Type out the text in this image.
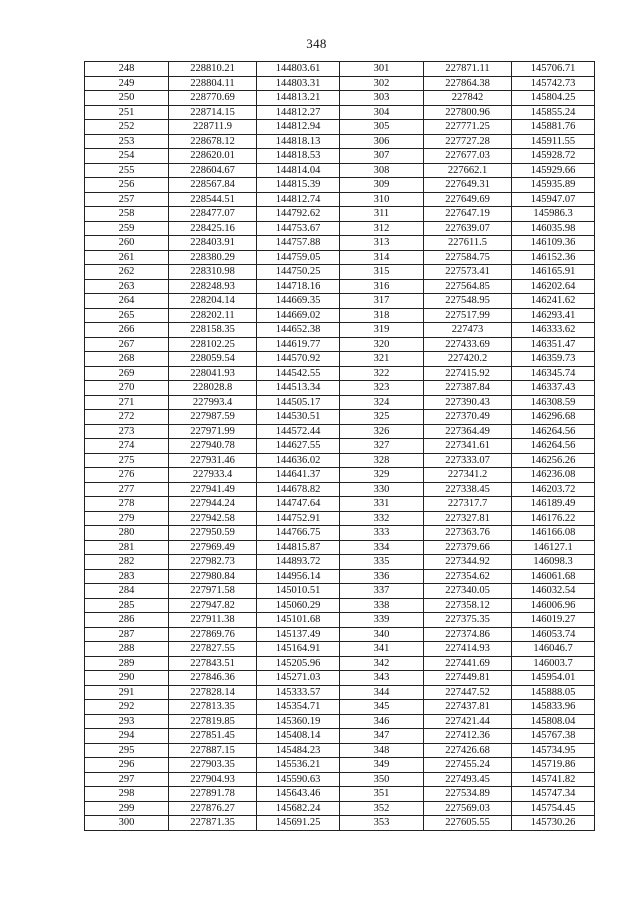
348
248	228810.21	144803.61	301	227871.11	145706.71
249	228804.11	144803.31	302	227864.38	145742.73
250	228770.69	144813.21	303	227842	145804.25
251	228714.15	144812.27	304	227800.96	145855.24
252	228711.9	144812.94	305	227771.25	145881.76
253	228678.12	144818.13	306	227727.28	145911.55
254	228620.01	144818.53	307	227677.03	145928.72
255	228604.67	144814.04	308	227662.1	145929.66
256	228567.84	144815.39	309	227649.31	145935.89
257	228544.51	144812.74	310	227649.69	145947.07
258	228477.07	144792.62	311	227647.19	145986.3
259	228425.16	144753.67	312	227639.07	146035.98
260	228403.91	144757.88	313	227611.5	146109.36
261	228380.29	144759.05	314	227584.75	146152.36
262	228310.98	144750.25	315	227573.41	146165.91
263	228248.93	144718.16	316	227564.85	146202.64
264	228204.14	144669.35	317	227548.95	146241.62
265	228202.11	144669.02	318	227517.99	146293.41
266	228158.35	144652.38	319	227473	146333.62
267	228102.25	144619.77	320	227433.69	146351.47
268	228059.54	144570.92	321	227420.2	146359.73
269	228041.93	144542.55	322	227415.92	146345.74
270	228028.8	144513.34	323	227387.84	146337.43
271	227993.4	144505.17	324	227390.43	146308.59
272	227987.59	144530.51	325	227370.49	146296.68
273	227971.99	144572.44	326	227364.49	146264.56
274	227940.78	144627.55	327	227341.61	146264.56
275	227931.46	144636.02	328	227333.07	146256.26
276	227933.4	144641.37	329	227341.2	146236.08
277	227941.49	144678.82	330	227338.45	146203.72
278	227944.24	144747.64	331	227317.7	146189.49
279	227942.58	144752.91	332	227327.81	146176.22
280	227950.59	144766.75	333	227363.76	146166.08
281	227969.49	144815.87	334	227379.66	146127.1
282	227982.73	144893.72	335	227344.92	146098.3
283	227980.84	144956.14	336	227354.62	146061.68
284	227971.58	145010.51	337	227340.05	146032.54
285	227947.82	145060.29	338	227358.12	146006.96
286	227911.38	145101.68	339	227375.35	146019.27
287	227869.76	145137.49	340	227374.86	146053.74
288	227827.55	145164.91	341	227414.93	146046.7
289	227843.51	145205.96	342	227441.69	146003.7
290	227846.36	145271.03	343	227449.81	145954.01
291	227828.14	145333.57	344	227447.52	145888.05
292	227813.35	145354.71	345	227437.81	145833.96
293	227819.85	145360.19	346	227421.44	145808.04
294	227851.45	145408.14	347	227412.36	145767.38
295	227887.15	145484.23	348	227426.68	145734.95
296	227903.35	145536.21	349	227455.24	145719.86
297	227904.93	145590.63	350	227493.45	145741.82
298	227891.78	145643.46	351	227534.89	145747.34
299	227876.27	145682.24	352	227569.03	145754.45
300	227871.35	145691.25	353	227605.55	145730.26
